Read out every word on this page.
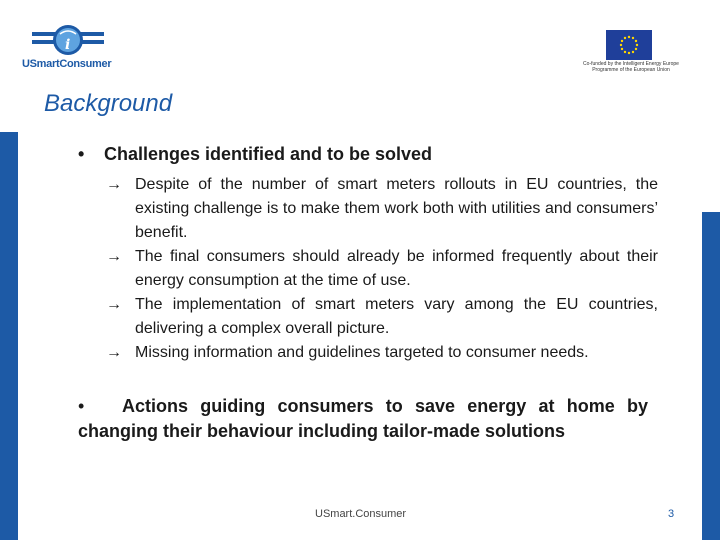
i
USmartConsumer	Co-funded by the Intelligent Energy Europe Programme of the European Union
Background
• Challenges identified and to be solved
→ Despite of the number of smart meters rollouts in EU countries, the existing challenge is to make them work both with utilities and consumers’ benefit.
→ The final consumers should already be informed frequently about their energy consumption at the time of use.
→ The implementation of smart meters vary among the EU countries, delivering a complex overall picture.
→ Missing information and guidelines targeted to consumer needs.
• Actions guiding consumers to save energy at home by changing their behaviour including tailor-made solutions
USmart.Consumer	3
